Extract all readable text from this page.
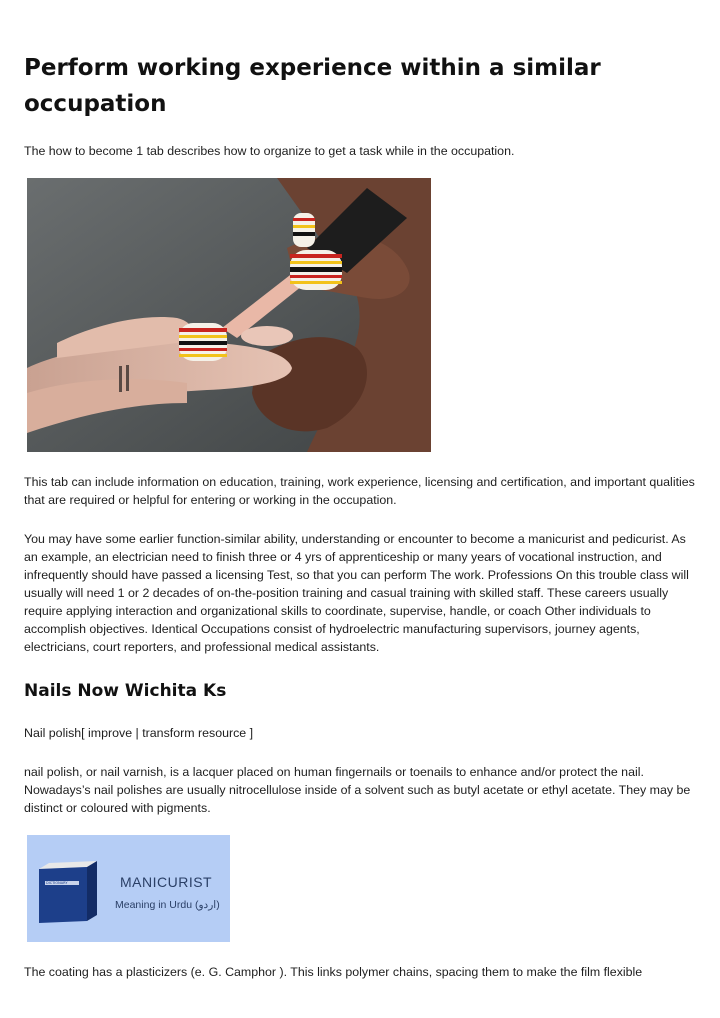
Perform working experience within a similar occupation

The how to become 1 tab describes how to organize to get a task while in the occupation.

This tab can include information on education, training, work experience, licensing and certification, and important qualities that are required or helpful for entering or working in the occupation.

You may have some earlier function-similar ability, understanding or encounter to become a manicurist and pedicurist. As an example, an electrician need to finish three or 4 yrs of apprenticeship or many years of vocational instruction, and infrequently should have passed a licensing Test, so that you can perform The work. Professions On this trouble class will usually will need 1 or 2 decades of on-the-position training and casual training with skilled staff. These careers usually require applying interaction and organizational skills to coordinate, supervise, handle, or coach Other individuals to accomplish objectives. Identical Occupations consist of hydroelectric manufacturing supervisors, journey agents, electricians, court reporters, and professional medical assistants.

Nails Now Wichita Ks

Nail polish[ improve | transform resource ]

nail polish, or nail varnish, is a lacquer placed on human fingernails or toenails to enhance and/or protect the nail. Nowadays’s nail polishes are usually nitrocellulose inside of a solvent such as butyl acetate or ethyl acetate. They may be distinct or coloured with pigments.

DICTIONARY	MANICURIST
Meaning in Urdu (اردو)

The coating has a plasticizers (e. G. Camphor ). This links polymer chains, spacing them to make the film flexible
